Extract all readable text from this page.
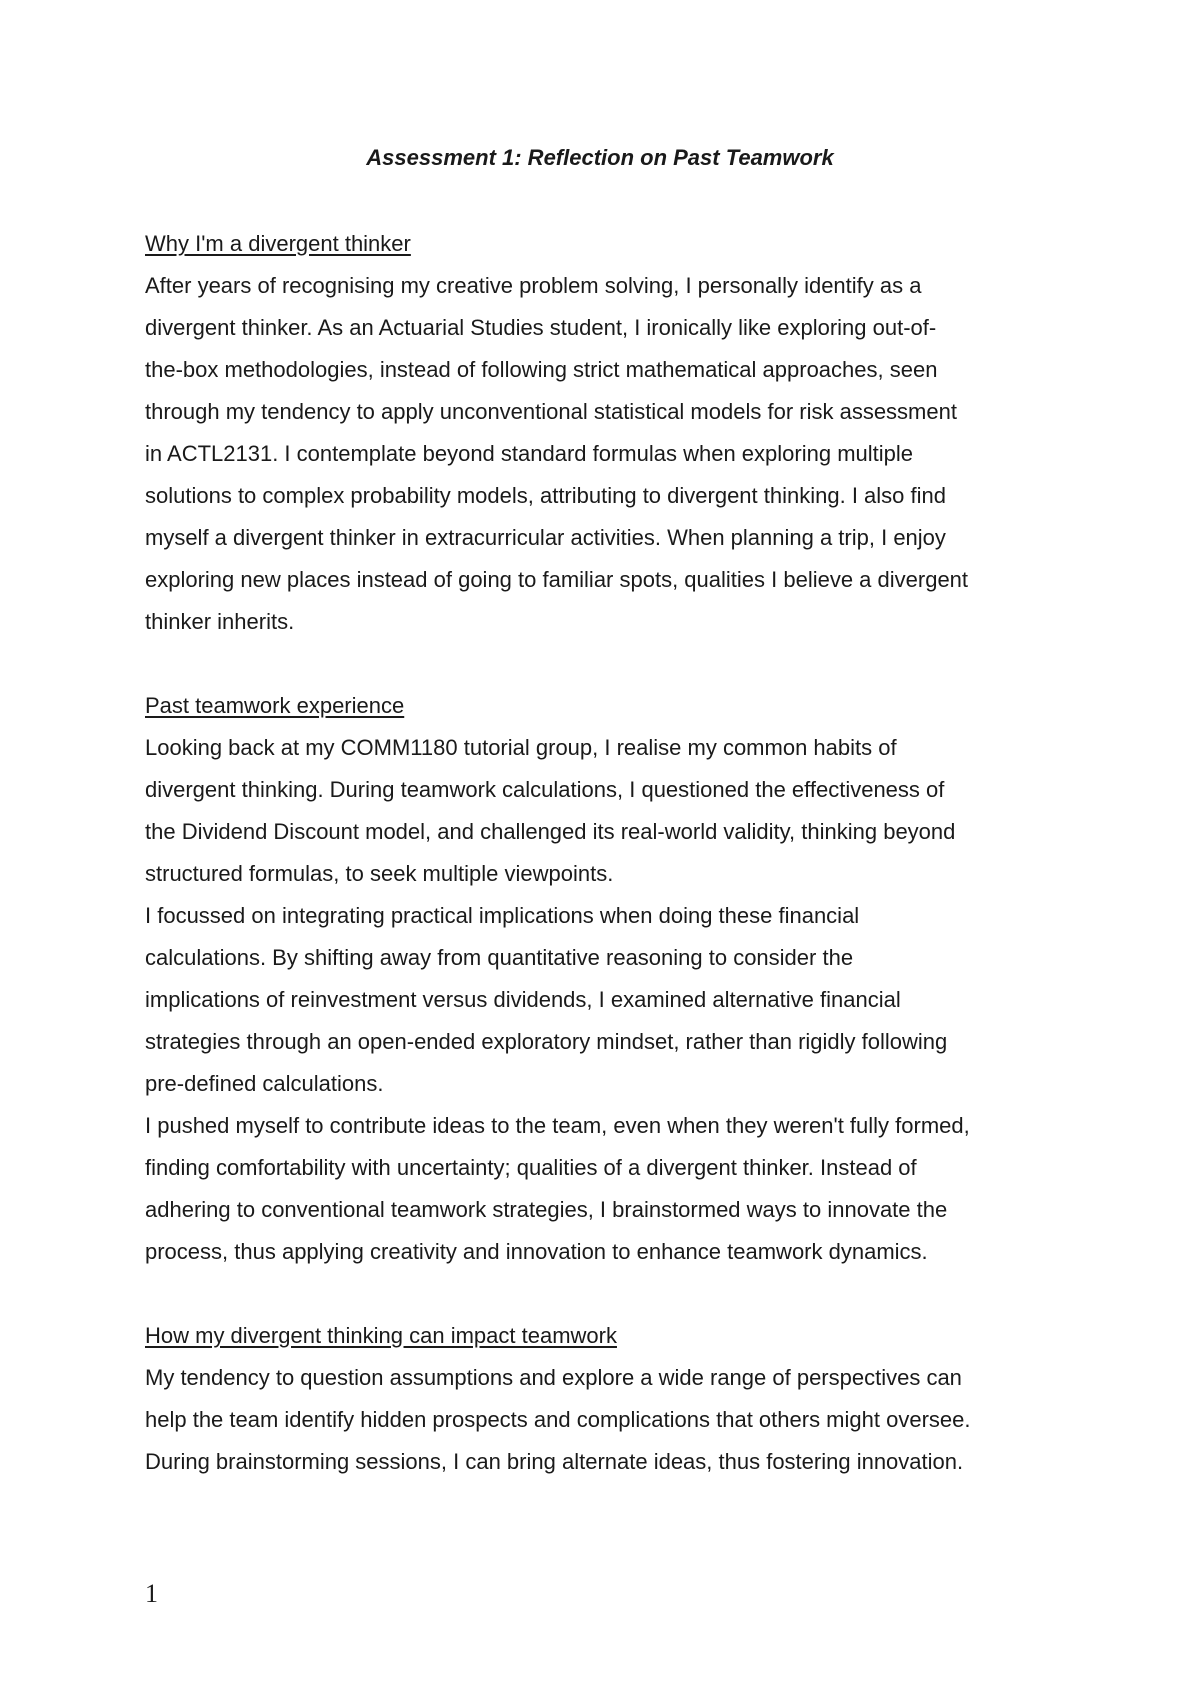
Assessment 1: Reflection on Past Teamwork
Why I'm a divergent thinker
After years of recognising my creative problem solving, I personally identify as a
divergent thinker. As an Actuarial Studies student, I ironically like exploring out-of-
the-box methodologies, instead of following strict mathematical approaches, seen
through my tendency to apply unconventional statistical models for risk assessment
in ACTL2131. I contemplate beyond standard formulas when exploring multiple
solutions to complex probability models, attributing to divergent thinking. I also find
myself a divergent thinker in extracurricular activities. When planning a trip, I enjoy
exploring new places instead of going to familiar spots, qualities I believe a divergent
thinker inherits.
Past teamwork experience
Looking back at my COMM1180 tutorial group, I realise my common habits of
divergent thinking. During teamwork calculations, I questioned the effectiveness of
the Dividend Discount model, and challenged its real-world validity, thinking beyond
structured formulas, to seek multiple viewpoints.
I focussed on integrating practical implications when doing these financial
calculations. By shifting away from quantitative reasoning to consider the
implications of reinvestment versus dividends, I examined alternative financial
strategies through an open-ended exploratory mindset, rather than rigidly following
pre-defined calculations.
I pushed myself to contribute ideas to the team, even when they weren't fully formed,
finding comfortability with uncertainty; qualities of a divergent thinker. Instead of
adhering to conventional teamwork strategies, I brainstormed ways to innovate the
process, thus applying creativity and innovation to enhance teamwork dynamics.
How my divergent thinking can impact teamwork
My tendency to question assumptions and explore a wide range of perspectives can
help the team identify hidden prospects and complications that others might oversee.
During brainstorming sessions, I can bring alternate ideas, thus fostering innovation.
1
